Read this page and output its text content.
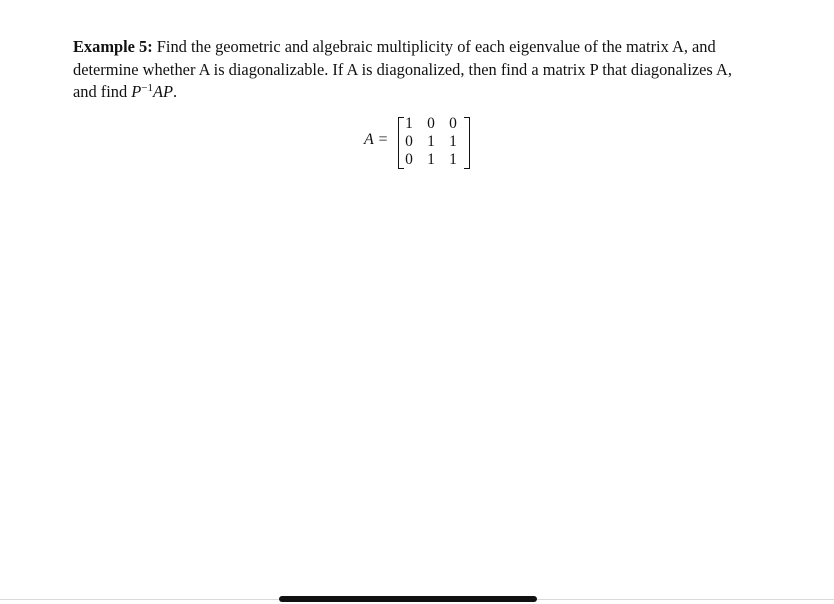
Example 5: Find the geometric and algebraic multiplicity of each eigenvalue of the matrix A, and
determine whether A is diagonalizable. If A is diagonalized, then find a matrix P that diagonalizes A,
and find $P^{-1}AP$.
A =
1 0 0
0 1 1
0 1 1
